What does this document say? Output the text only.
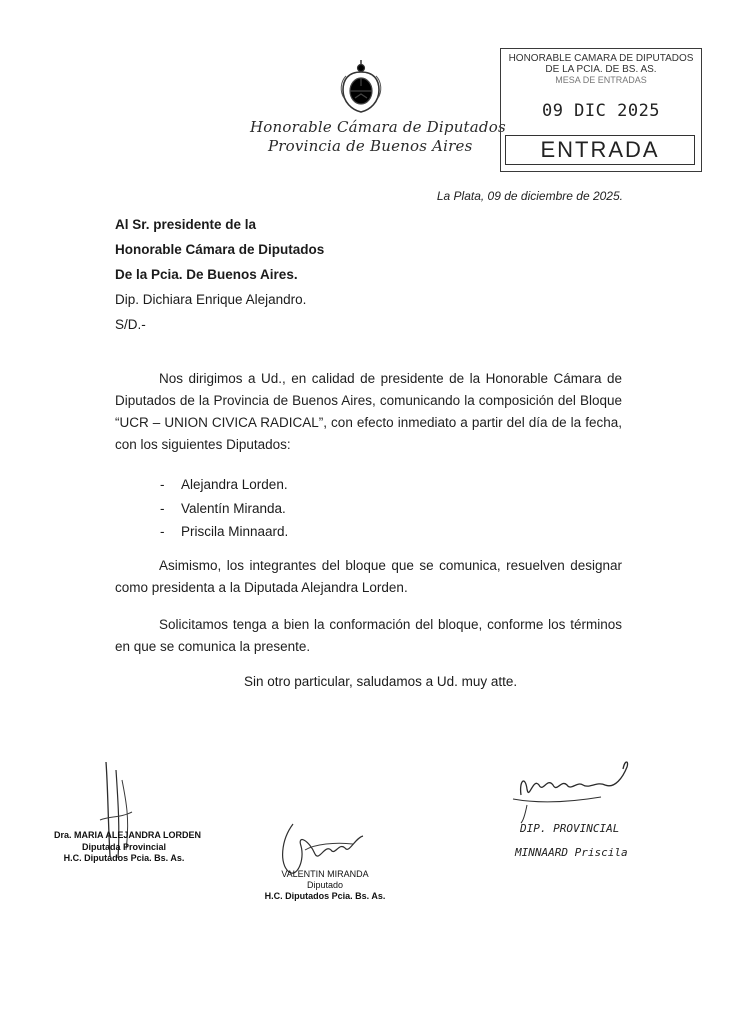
Honorable Cámara de Diputados
Provincia de Buenos Aires
HONORABLE CAMARA DE DIPUTADOS
DE LA PCIA. DE BS. AS.
MESA DE ENTRADAS
09 DIC 2025
ENTRADA
La Plata, 09 de diciembre de 2025.
Al Sr. presidente de la
Honorable Cámara de Diputados
De la Pcia. De Buenos Aires.
Dip. Dichiara Enrique Alejandro.
S/D.-
Nos dirigimos a Ud., en calidad de presidente de la Honorable Cámara de Diputados de la Provincia de Buenos Aires, comunicando la composición del Bloque “UCR – UNION CIVICA RADICAL”, con efecto inmediato a partir del día de la fecha, con los siguientes Diputados:
- Alejandra Lorden.
- Valentín Miranda.
- Priscila Minnaard.
Asimismo, los integrantes del bloque que se comunica, resuelven designar como presidenta a la Diputada Alejandra Lorden.
Solicitamos tenga a bien la conformación del bloque, conforme los términos en que se comunica la presente.
Sin otro particular, saludamos a Ud. muy atte.
Dra. MARIA ALEJANDRA LORDEN
Diputada Provincial
H.C. Diputados Pcia. Bs. As.
VALENTIN MIRANDA
Diputado
H.C. Diputados Pcia. Bs. As.
DIP. PROVINCIAL
MINNAARD Priscila
